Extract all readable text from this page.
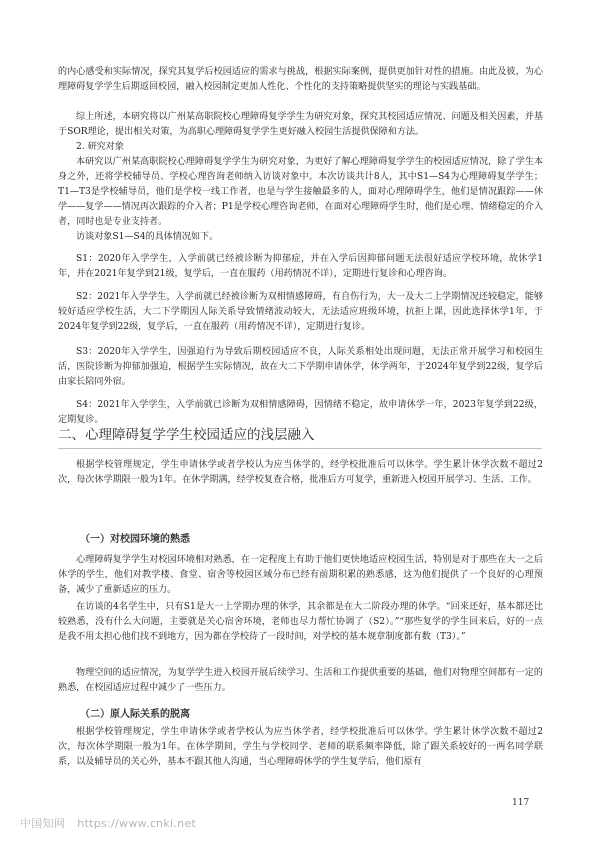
的内心感受和实际情况，探究其复学后校园适应的需求与挑战，根据实际案例，提供更加针对性的措施。由此及彼，为心理障碍复学学生后期返回校园，融入校园制定更加人性化、个性化的支持策略提供坚实的理论与实践基础。

综上所述，本研究将以广州某高职院校心理障碍复学学生为研究对象，探究其校园适应情况、问题及相关因素，并基于SOR理论，提出相关对策，为高职心理障碍复学学生更好融入校园生活提供保障和方法。

2. 研究对象

本研究以广州某高职院校心理障碍复学学生为研究对象，为更好了解心理障碍复学学生的校园适应情况，除了学生本身之外，还将学校辅导员、学校心理咨询老师纳入访谈对象中。本次访谈共计8人，其中S1—S4为心理障碍复学学生；T1—T3是学校辅导员，他们是学校一线工作者，也是与学生接触最多的人，面对心理障碍学生，他们是情况跟踪——休学——复学——情况再次跟踪的介入者；P1是学校心理咨询老师，在面对心理障碍学生时，他们是心理、情绪稳定的介入者，同时也是专业支持者。

访谈对象S1—S4的具体情况如下。

S1：2020年入学学生，入学前就已经被诊断为抑郁症，并在入学后因抑郁问题无法很好适应学校环境，故休学1年，并在2021年复学到21级，复学后，一直在服药（用药情况不详），定期进行复诊和心理咨询。

S2：2021年入学学生，入学前就已经被诊断为双相情感障碍，有自伤行为，大一及大二上学期情况还较稳定，能够较好适应学校生活，大二下学期因人际关系导致情绪波动较大，无法适应班级环境，抗拒上课，因此选择休学1年，于2024年复学到22级，复学后，一直在服药（用药情况不详），定期进行复诊。

S3：2020年入学学生，因强迫行为导致后期校园适应不良，人际关系相处出现问题，无法正常开展学习和校园生活，医院诊断为抑郁加强迫，根据学生实际情况，故在大二下学期申请休学，休学两年，于2024年复学到22级，复学后由家长陪同外宿。

S4：2021年入学学生，入学前就已诊断为双相情感障碍，因情绪不稳定，故申请休学一年，2023年复学到22级，定期复诊。

二、心理障碍复学学生校园适应的浅层融入

根据学校管理规定，学生申请休学或者学校认为应当休学的，经学校批准后可以休学。学生累计休学次数不超过2次，每次休学期限一般为1年。在休学期满，经学校复查合格，批准后方可复学，重新进入校园开展学习、生活、工作。

（一）对校园环境的熟悉

心理障碍复学学生对校园环境相对熟悉，在一定程度上有助于他们更快地适应校园生活，特别是对于那些在大一之后休学的学生，他们对教学楼、食堂、宿舍等校园区域分布已经有前期积累的熟悉感，这为他们提供了一个良好的心理预备，减少了重新适应的压力。

在访谈的4名学生中，只有S1是大一上学期办理的休学，其余都是在大二阶段办理的休学。“回来还好，基本都还比较熟悉，没有什么大问题，主要就是关心宿舍环境，老师也尽力帮忙协调了（S2）。”“那些复学的学生回来后，好的一点是我不用太担心他们找不到地方，因为都在学校待了一段时间，对学校的基本规章制度都有数（T3）。”

物理空间的适应情况，为复学学生进入校园开展后续学习、生活和工作提供重要的基础，他们对物理空间都有一定的熟悉，在校园适应过程中减少了一些压力。

（二）原人际关系的脱离

根据学校管理规定，学生申请休学或者学校认为应当休学者，经学校批准后可以休学。学生累计休学次数不超过2次，每次休学期限一般为1年。在休学期间，学生与学校同学、老师的联系频率降低，除了跟关系较好的一两名同学联系，以及辅导员的关心外，基本不跟其他人沟通，当心理障碍休学的学生复学后，他们原有

117
中国知网 https://www.cnki.net
